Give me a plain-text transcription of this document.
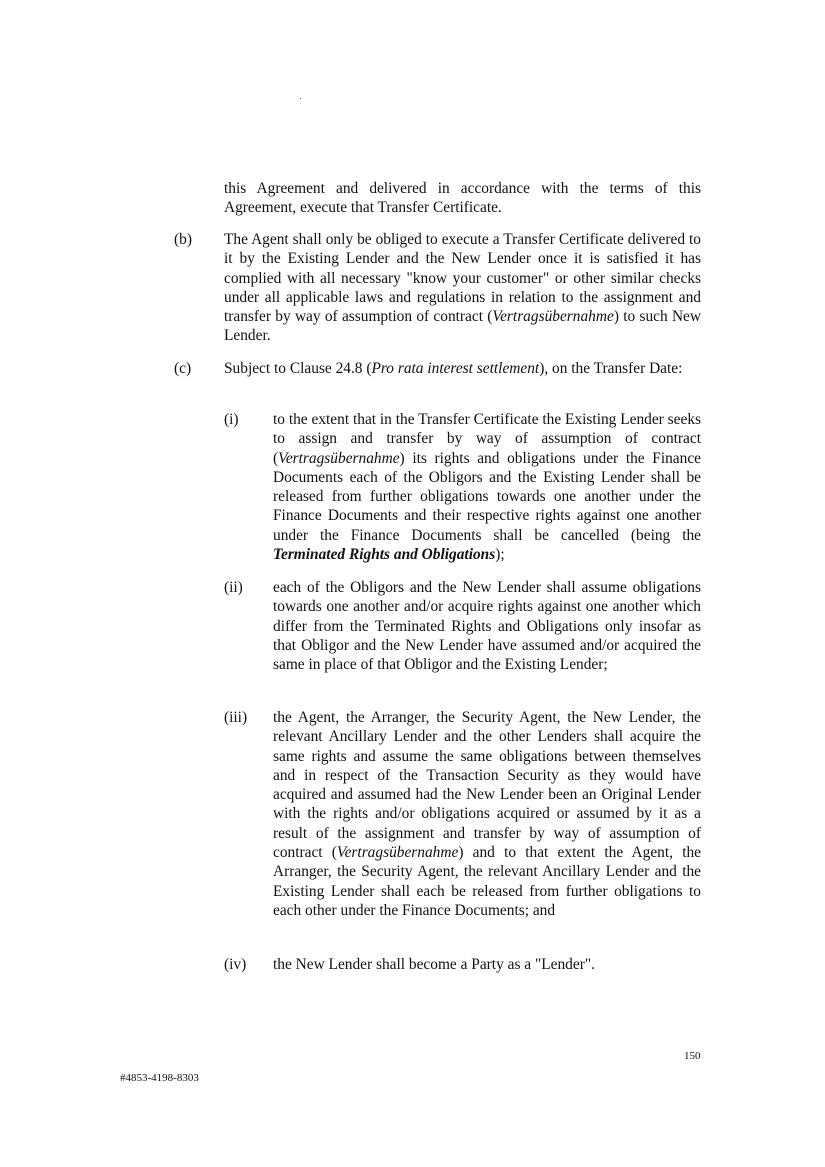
this Agreement and delivered in accordance with the terms of this Agreement, execute that Transfer Certificate.
(b) The Agent shall only be obliged to execute a Transfer Certificate delivered to it by the Existing Lender and the New Lender once it is satisfied it has complied with all necessary "know your customer" or other similar checks under all applicable laws and regulations in relation to the assignment and transfer by way of assumption of contract (Vertragsübernahme) to such New Lender.
(c) Subject to Clause 24.8 (Pro rata interest settlement), on the Transfer Date:
(i) to the extent that in the Transfer Certificate the Existing Lender seeks to assign and transfer by way of assumption of contract (Vertragsübernahme) its rights and obligations under the Finance Documents each of the Obligors and the Existing Lender shall be released from further obligations towards one another under the Finance Documents and their respective rights against one another under the Finance Documents shall be cancelled (being the Terminated Rights and Obligations);
(ii) each of the Obligors and the New Lender shall assume obligations towards one another and/or acquire rights against one another which differ from the Terminated Rights and Obligations only insofar as that Obligor and the New Lender have assumed and/or acquired the same in place of that Obligor and the Existing Lender;
(iii) the Agent, the Arranger, the Security Agent, the New Lender, the relevant Ancillary Lender and the other Lenders shall acquire the same rights and assume the same obligations between themselves and in respect of the Transaction Security as they would have acquired and assumed had the New Lender been an Original Lender with the rights and/or obligations acquired or assumed by it as a result of the assignment and transfer by way of assumption of contract (Vertragsübernahme) and to that extent the Agent, the Arranger, the Security Agent, the relevant Ancillary Lender and the Existing Lender shall each be released from further obligations to each other under the Finance Documents; and
(iv) the New Lender shall become a Party as a "Lender".
150
#4853-4198-8303
